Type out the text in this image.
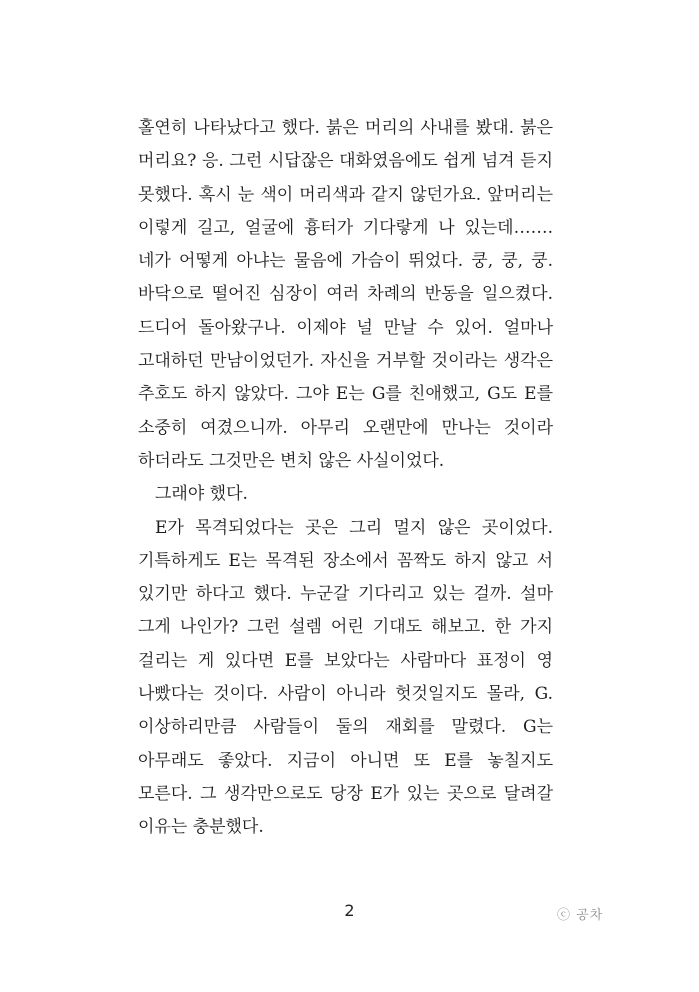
홀연히 나타났다고 했다. 붉은 머리의 사내를 봤대. 붉은 머리요? 응. 그런 시답잖은 대화였음에도 쉽게 넘겨 듣지 못했다. 혹시 눈 색이 머리색과 같지 않던가요. 앞머리는 이렇게 길고, 얼굴에 흉터가 기다랗게 나 있는데……. 네가 어떻게 아냐는 물음에 가슴이 뛰었다. 쿵, 쿵, 쿵. 바닥으로 떨어진 심장이 여러 차례의 반동을 일으켰다. 드디어 돌아왔구나. 이제야 널 만날 수 있어. 얼마나 고대하던 만남이었던가. 자신을 거부할 것이라는 생각은 추호도 하지 않았다. 그야 E는 G를 친애했고, G도 E를 소중히 여겼으니까. 아무리 오랜만에 만나는 것이라 하더라도 그것만은 변치 않은 사실이었다.

그래야 했다.

E가 목격되었다는 곳은 그리 멀지 않은 곳이었다. 기특하게도 E는 목격된 장소에서 꼼짝도 하지 않고 서 있기만 하다고 했다. 누군갈 기다리고 있는 걸까. 설마 그게 나인가? 그런 설렘 어린 기대도 해보고. 한 가지 걸리는 게 있다면 E를 보았다는 사람마다 표정이 영 나빴다는 것이다. 사람이 아니라 헛것일지도 몰라, G. 이상하리만큼 사람들이 둘의 재회를 말렸다. G는 아무래도 좋았다. 지금이 아니면 또 E를 놓칠지도 모른다. 그 생각만으로도 당장 E가 있는 곳으로 달려갈 이유는 충분했다.

2	ⓒ 공차
